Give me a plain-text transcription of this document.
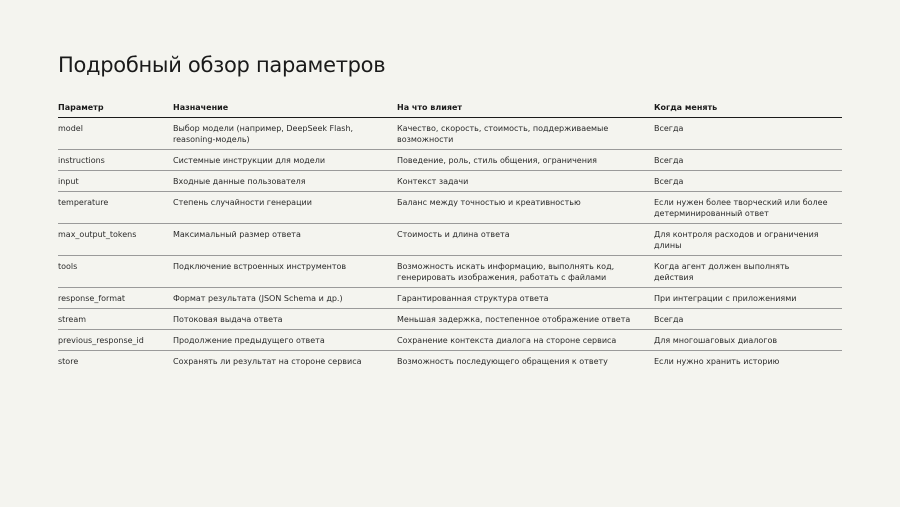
Подробный обзор параметров
Параметр	Назначение	На что влияет	Когда менять
model	Выбор модели (например, DeepSeek Flash, reasoning-модель)	Качество, скорость, стоимость, поддерживаемые возможности	Всегда
instructions	Системные инструкции для модели	Поведение, роль, стиль общения, ограничения	Всегда
input	Входные данные пользователя	Контекст задачи	Всегда
temperature	Степень случайности генерации	Баланс между точностью и креативностью	Если нужен более творческий или более детерминированный ответ
max_output_tokens	Максимальный размер ответа	Стоимость и длина ответа	Для контроля расходов и ограничения длины
tools	Подключение встроенных инструментов	Возможность искать информацию, выполнять код, генерировать изображения, работать с файлами	Когда агент должен выполнять действия
response_format	Формат результата (JSON Schema и др.)	Гарантированная структура ответа	При интеграции с приложениями
stream	Потоковая выдача ответа	Меньшая задержка, постепенное отображение ответа	Всегда
previous_response_id	Продолжение предыдущего ответа	Сохранение контекста диалога на стороне сервиса	Для многошаговых диалогов
store	Сохранять ли результат на стороне сервиса	Возможность последующего обращения к ответу	Если нужно хранить историю
